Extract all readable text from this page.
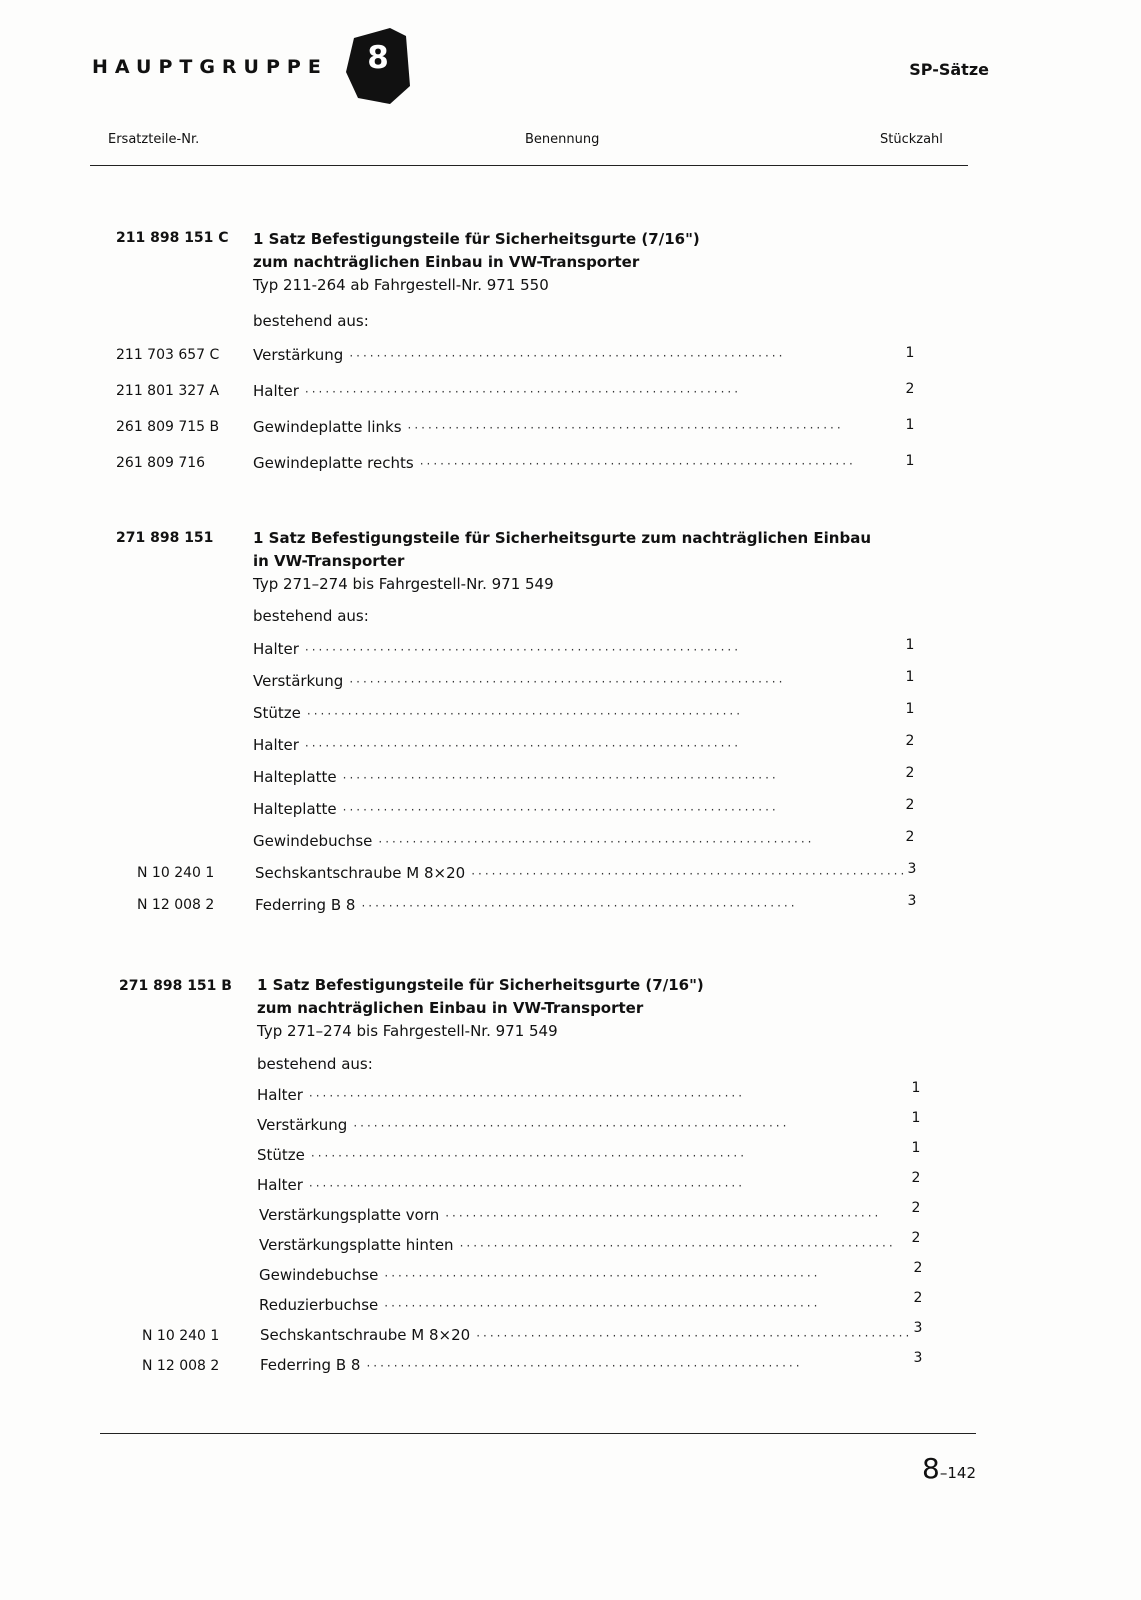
HAUPTGRUPPE	8	SP-Sätze
Ersatzteile-Nr.	Benennung	Stückzahl
211 898 151 C 1 Satz Befestigungsteile für Sicherheitsgurte (7/16")
zum nachträglichen Einbau in VW-Transporter
Typ 211-264 ab Fahrgestell-Nr. 971 550
bestehend aus:
211 703 657 C Verstärkung ································································	1
211 801 327 A Halter ································································	2
261 809 715 B Gewindeplatte links ································································	1
261 809 716	Gewindeplatte rechts ································································	1
271 898 151	1 Satz Befestigungsteile für Sicherheitsgurte zum nachträglichen Einbau
in VW-Transporter
Typ 271–274 bis Fahrgestell-Nr. 971 549
bestehend aus:
Halter ································································	1
Verstärkung ································································	1
Stütze ································································	1
Halter ································································	2
Halteplatte ································································	2
Halteplatte ································································	2
Gewindebuchse ································································	2
N 10 240 1	Sechskantschraube M 8×20 ································································ 3
N 12 008 2	Federring B 8 ································································	3
271 898 151 B 1 Satz Befestigungsteile für Sicherheitsgurte (7/16")
zum nachträglichen Einbau in VW-Transporter
Typ 271–274 bis Fahrgestell-Nr. 971 549
bestehend aus:
Halter ································································	1
Verstärkung ································································	1
Stütze ································································	1
Halter ································································	2
Verstärkungsplatte vorn ································································	2
Verstärkungsplatte hinten ································································	2
Gewindebuchse ································································	2
Reduzierbuchse ································································	2
N 10 240 1	Sechskantschraube M 8×20 ································································ 3
N 12 008 2	Federring B 8 ································································	3
8–142
